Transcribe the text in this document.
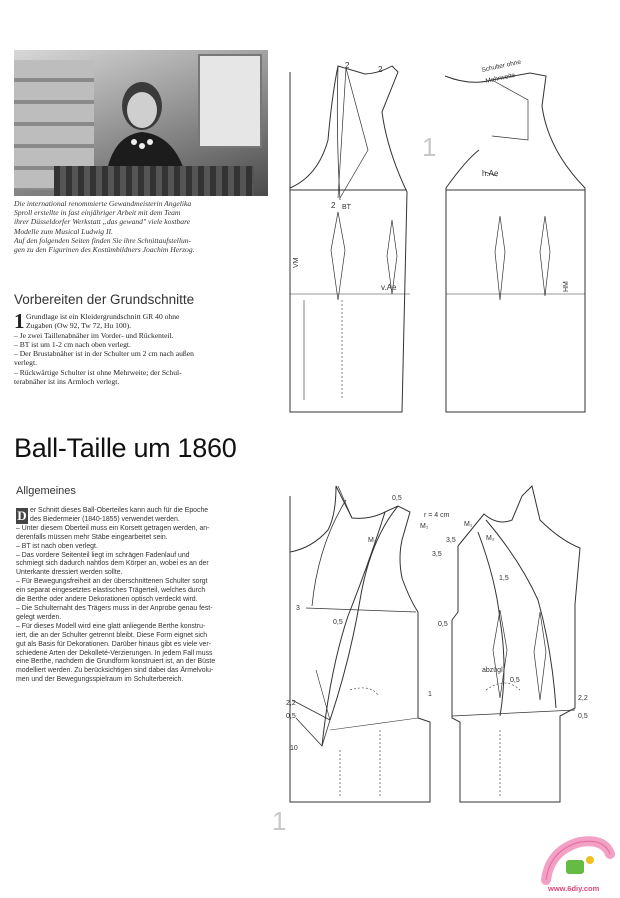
Die international renommierte Gewandmeisterin Angelika
Sproll erstellte in fast einjähriger Arbeit mit dem Team
ihrer Düsseldorfer Werkstatt „das gewand" viele kostbare
Modelle zum Musical Ludwig II.
Auf den folgenden Seiten finden Sie ihre Schnittaufstellun-
gen zu den Figurinen des Kostümbildners Joachim Herzog.
Vorbereiten der Grundschnitte
1 Grundlage ist ein Kleidergrundschnitt GR 40 ohne
Zugaben (Ow 92, Tw 72, Hu 100).
– Je zwei Taillenabnäher im Vorder- und Rückenteil.
– BT ist um 1-2 cm nach oben verlegt.
– Der Brustabnäher ist in der Schulter um 2 cm nach außen
verlegt.
– Rückwärtige Schulter ist ohne Mehrweite; der Schul-
terabnäher ist ins Armloch verlegt.
Ball-Taille um 1860
Allgemeines
D er Schnitt dieses Ball-Oberteiles kann auch für die Epoche
des Biedermeier (1840-1855) verwendet werden.
– Unter diesem Oberteil muss ein Korsett getragen werden, an-
derenfalls müssen mehr Stäbe eingearbeitet sein.
– BT ist nach oben verlegt.
– Das vordere Seitenteil liegt im schrägen Fadenlauf und
schmiegt sich dadurch nahtlos dem Körper an, wobei es an der
Unterkante dressiert werden sollte.
– Für Bewegungsfreiheit an der überschnittenen Schulter sorgt
ein separat eingesetztes elastisches Trägerteil, welches durch
die Berthe oder andere Dekorationen optisch verdeckt wird.
– Die Schulternaht des Trägers muss in der Anprobe genau fest-
gelegt werden.
– Für dieses Modell wird eine glatt anliegende Berthe konstru-
iert, die an der Schulter getrennt bleibt. Diese Form eignet sich
gut als Basis für Dekorationen. Darüber hinaus gibt es viele ver-
schiedene Arten der Dekolleté-Verzierungen. In jedem Fall muss
eine Berthe, nachdem die Grundform konstruiert ist, an der Büste
modelliert werden. Zu berücksichtigen sind dabei das Ärmelvolu-
men und der Bewegungsspielraum im Schulterbereich.
2	2
2 BT
VM
v.Ae
Schulter ohne
Mehrweite
h.Ae
HM
1
0,5
r = 4 cm
M₁	M₁
M₂	M₂
3,5
3,5
1,5
3
0,5	0,5
abzügl.
0,5
1
2,2
0,5
2,2
0,5
10
1
www.6diy.com
